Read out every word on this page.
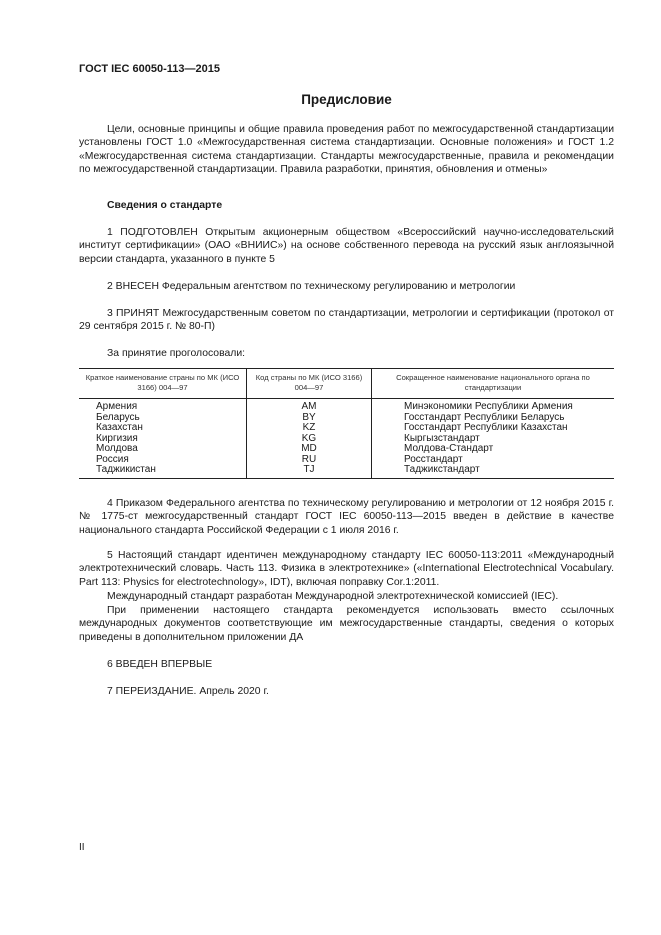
ГОСТ IEC 60050-113—2015
Предисловие

Цели, основные принципы и общие правила проведения работ по межгосударственной стандартизации установлены ГОСТ 1.0 «Межгосударственная система стандартизации. Основные положения» и ГОСТ 1.2 «Межгосударственная система стандартизации. Стандарты межгосударственные, правила и рекомендации по межгосударственной стандартизации. Правила разработки, принятия, обновления и отмены»

Сведения о стандарте

1 ПОДГОТОВЛЕН Открытым акционерным обществом «Всероссийский научно-исследовательский институт сертификации» (ОАО «ВНИИС») на основе собственного перевода на русский язык англоязычной версии стандарта, указанного в пункте 5

2 ВНЕСЕН Федеральным агентством по техническому регулированию и метрологии

3 ПРИНЯТ Межгосударственным советом по стандартизации, метрологии и сертификации (протокол от 29 сентября 2015 г. № 80-П)

За принятие проголосовали:

Краткое наименование страны по МК (ИСО 3166) 004—97	Код страны по МК (ИСО 3166) 004—97	Сокращенное наименование национального органа по стандартизации
Армения	AM	Минэкономики Республики Армения
Беларусь	BY	Госстандарт Республики Беларусь
Казахстан	KZ	Госстандарт Республики Казахстан
Киргизия	KG	Кыргызстандарт
Молдова	MD	Молдова-Стандарт
Россия	RU	Росстандарт
Таджикистан	TJ	Таджикстандарт

4 Приказом Федерального агентства по техническому регулированию и метрологии от 12 ноября 2015 г. № 1775-ст межгосударственный стандарт ГОСТ IEC 60050-113—2015 введен в действие в качестве национального стандарта Российской Федерации с 1 июля 2016 г.

5 Настоящий стандарт идентичен международному стандарту IEC 60050-113:2011 «Международный электротехнический словарь. Часть 113. Физика в электротехнике» («International Electrotechnical Vocabulary. Part 113: Physics for electrotechnology», IDT), включая поправку Cor.1:2011.

Международный стандарт разработан Международной электротехнической комиссией (IEC).

При применении настоящего стандарта рекомендуется использовать вместо ссылочных международных документов соответствующие им межгосударственные стандарты, сведения о которых приведены в дополнительном приложении ДА

6 ВВЕДЕН ВПЕРВЫЕ

7 ПЕРЕИЗДАНИЕ. Апрель 2020 г.

II
